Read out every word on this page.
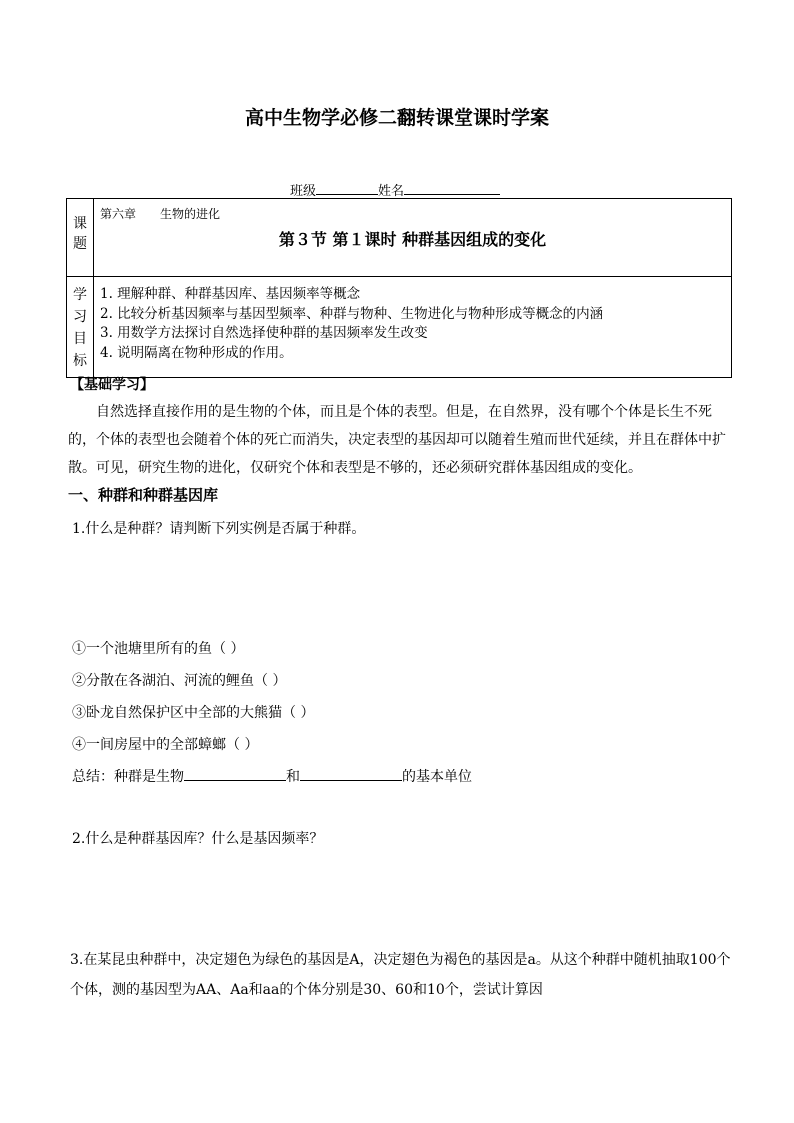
高中生物学必修二翻转课堂课时学案
班级	姓名
课题	第六章　　生物的进化
第３节 第１课时 种群基因组成的变化

学习目标	1. 理解种群、种群基因库、基因频率等概念
2. 比较分析基因频率与基因型频率、种群与物种、生物进化与物种形成等概念的内涵
3. 用数学方法探讨自然选择使种群的基因频率发生改变
4. 说明隔离在物种形成的作用。
【基础学习】
自然选择直接作用的是生物的个体，而且是个体的表型。但是，在自然界，没有哪个个体是长生不死的，个体的表型也会随着个体的死亡而消失，决定表型的基因却可以随着生殖而世代延续，并且在群体中扩散。可见，研究生物的进化，仅研究个体和表型是不够的，还必须研究群体基因组成的变化。
一、种群和种群基因库
1.什么是种群？请判断下列实例是否属于种群。
①一个池塘里所有的鱼（ ）
②分散在各湖泊、河流的鲤鱼（ ）
③卧龙自然保护区中全部的大熊猫（ ）
④一间房屋中的全部蟑螂（ ）
总结：种群是生物	和	的基本单位
2.什么是种群基因库？什么是基因频率？
3.在某昆虫种群中，决定翅色为绿色的基因是A，决定翅色为褐色的基因是a。从这个种群中随机抽取100个个体，测的基因型为AA、Aa和aa的个体分别是30、60和10个，尝试计算因
